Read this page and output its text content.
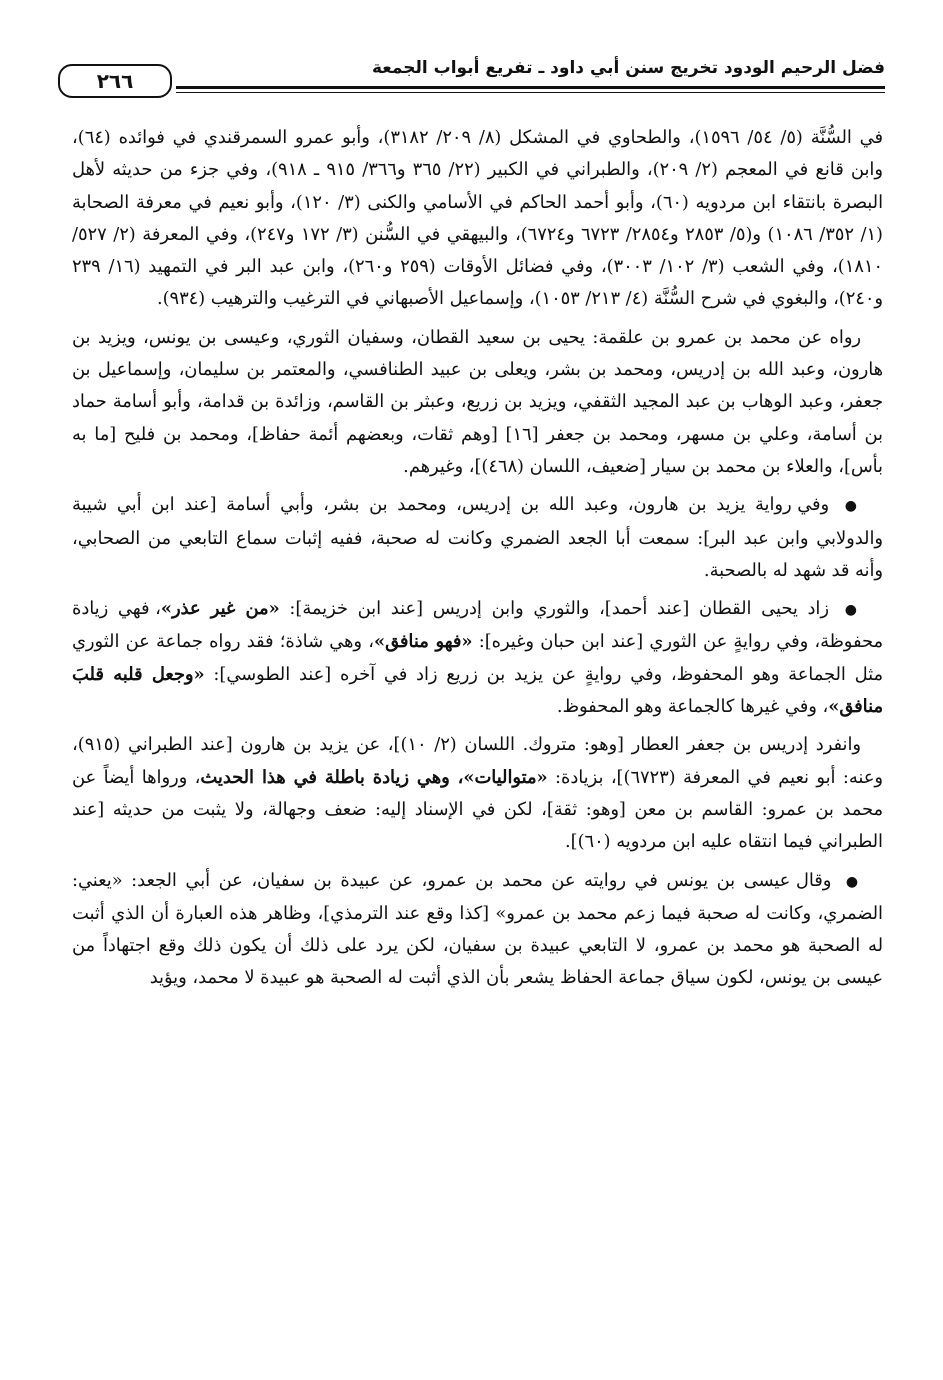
فضل الرحيم الودود تخريج سنن أبي داود ـ تفريع أبواب الجمعة
٢٦٦

في السُّنَّة (٥/ ٥٤/ ١٥٩٦)، والطحاوي في المشكل (٨/ ٢٠٩/ ٣١٨٢)، وأبو عمرو السمرقندي في فوائده (٦٤)، وابن قانع في المعجم (٢/ ٢٠٩)، والطبراني في الكبير (٢٢/ ٣٦٥ و٣٦٦/ ٩١٥ ـ ٩١٨)، وفي جزء من حديثه لأهل البصرة بانتقاء ابن مردويه (٦٠)، وأبو أحمد الحاكم في الأسامي والكنى (٣/ ١٢٠)، وأبو نعيم في معرفة الصحابة (١/ ٣٥٢/ ١٠٨٦) و(٥/ ٢٨٥٣ و٢٨٥٤/ ٦٧٢٣ و٦٧٢٤)، والبيهقي في السُّنن (٣/ ١٧٢ و٢٤٧)، وفي المعرفة (٢/ ٥٢٧/ ١٨١٠)، وفي الشعب (٣/ ١٠٢/ ٣٠٠٣)، وفي فضائل الأوقات (٢٥٩ و٢٦٠)، وابن عبد البر في التمهيد (١٦/ ٢٣٩ و٢٤٠)، والبغوي في شرح السُّنَّة (٤/ ٢١٣/ ١٠٥٣)، وإسماعيل الأصبهاني في الترغيب والترهيب (٩٣٤).

رواه عن محمد بن عمرو بن علقمة: يحيى بن سعيد القطان، وسفيان الثوري، وعيسى بن يونس، ويزيد بن هارون، وعبد الله بن إدريس، ومحمد بن بشر، ويعلى بن عبيد الطنافسي، والمعتمر بن سليمان، وإسماعيل بن جعفر، وعبد الوهاب بن عبد المجيد الثقفي، ويزيد بن زريع، وعبثر بن القاسم، وزائدة بن قدامة، وأبو أسامة حماد بن أسامة، وعلي بن مسهر، ومحمد بن جعفر [١٦] [وهم ثقات، وبعضهم أئمة حفاظ]، ومحمد بن فليح [ما به بأس]، والعلاء بن محمد بن سيار [ضعيف، اللسان (٤٦٨)]، وغيرهم.

● وفي رواية يزيد بن هارون، وعبد الله بن إدريس، ومحمد بن بشر، وأبي أسامة [عند ابن أبي شيبة والدولابي وابن عبد البر]: سمعت أبا الجعد الضمري وكانت له صحبة، ففيه إثبات سماع التابعي من الصحابي، وأنه قد شهد له بالصحبة.

● زاد يحيى القطان [عند أحمد]، والثوري وابن إدريس [عند ابن خزيمة]: «من غير عذر»، فهي زيادة محفوظة، وفي روايةٍ عن الثوري [عند ابن حبان وغيره]: «فهو منافق»، وهي شاذة؛ فقد رواه جماعة عن الثوري مثل الجماعة وهو المحفوظ، وفي روايةٍ عن يزيد بن زريع زاد في آخره [عند الطوسي]: «وجعل قلبه قلبَ منافق»، وفي غيرها كالجماعة وهو المحفوظ.

وانفرد إدريس بن جعفر العطار [وهو: متروك. اللسان (٢/ ١٠)]، عن يزيد بن هارون [عند الطبراني (٩١٥)، وعنه: أبو نعيم في المعرفة (٦٧٢٣)]، بزيادة: «متواليات»، وهي زيادة باطلة في هذا الحديث، ورواها أيضاً عن محمد بن عمرو: القاسم بن معن [وهو: ثقة]، لكن في الإسناد إليه: ضعف وجهالة، ولا يثبت من حديثه [عند الطبراني فيما انتقاه عليه ابن مردويه (٦٠)].

● وقال عيسى بن يونس في روايته عن محمد بن عمرو، عن عبيدة بن سفيان، عن أبي الجعد: «يعني: الضمري، وكانت له صحبة فيما زعم محمد بن عمرو» [كذا وقع عند الترمذي]، وظاهر هذه العبارة أن الذي أثبت له الصحبة هو محمد بن عمرو، لا التابعي عبيدة بن سفيان، لكن يرد على ذلك أن يكون ذلك وقع اجتهاداً من عيسى بن يونس، لكون سياق جماعة الحفاظ يشعر بأن الذي أثبت له الصحبة هو عبيدة لا محمد، ويؤيد
